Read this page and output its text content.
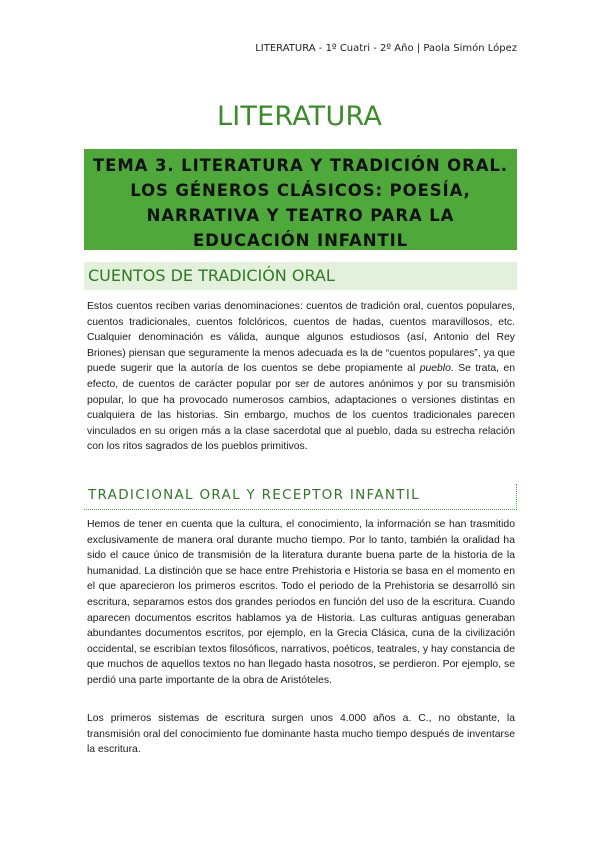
LITERATURA - 1º Cuatri - 2º Año | Paola Simón López
LITERATURA

TEMA 3. LITERATURA Y TRADICIÓN ORAL. LOS GÉNEROS CLÁSICOS: POESÍA, NARRATIVA Y TEATRO PARA LA EDUCACIÓN INFANTIL

CUENTOS DE TRADICIÓN ORAL

Estos cuentos reciben varias denominaciones: cuentos de tradición oral, cuentos populares, cuentos tradicionales, cuentos folclóricos, cuentos de hadas, cuentos maravillosos, etc. Cualquier denominación es válida, aunque algunos estudiosos (así, Antonio del Rey Briones) piensan que seguramente la menos adecuada es la de “cuentos populares”, ya que puede sugerir que la autoría de los cuentos se debe propiamente al pueblo. Se trata, en efecto, de cuentos de carácter popular por ser de autores anónimos y por su transmisión popular, lo que ha provocado numerosos cambios, adaptaciones o versiones distintas en cualquiera de las historias. Sin embargo, muchos de los cuentos tradicionales parecen vinculados en su origen más a la clase sacerdotal que al pueblo, dada su estrecha relación con los ritos sagrados de los pueblos primitivos.

TRADICIONAL ORAL Y RECEPTOR INFANTIL

Hemos de tener en cuenta que la cultura, el conocimiento, la información se han trasmitido exclusivamente de manera oral durante mucho tiempo. Por lo tanto, también la oralidad ha sido el cauce único de transmisión de la literatura durante buena parte de la historia de la humanidad. La distinción que se hace entre Prehistoria e Historia se basa en el momento en el que aparecieron los primeros escritos. Todo el periodo de la Prehistoria se desarrolló sin escritura, separamos estos dos grandes periodos en función del uso de la escritura. Cuando aparecen documentos escritos hablamos ya de Historia. Las culturas antiguas generaban abundantes documentos escritos, por ejemplo, en la Grecia Clásica, cuna de la civilización occidental, se escribían textos filosóficos, narrativos, poéticos, teatrales, y hay constancia de que muchos de aquellos textos no han llegado hasta nosotros, se perdieron. Por ejemplo, se perdió una parte importante de la obra de Aristóteles.

Los primeros sistemas de escritura surgen unos 4.000 años a. C., no obstante, la transmisión oral del conocimiento fue dominante hasta mucho tiempo después de inventarse la escritura.
